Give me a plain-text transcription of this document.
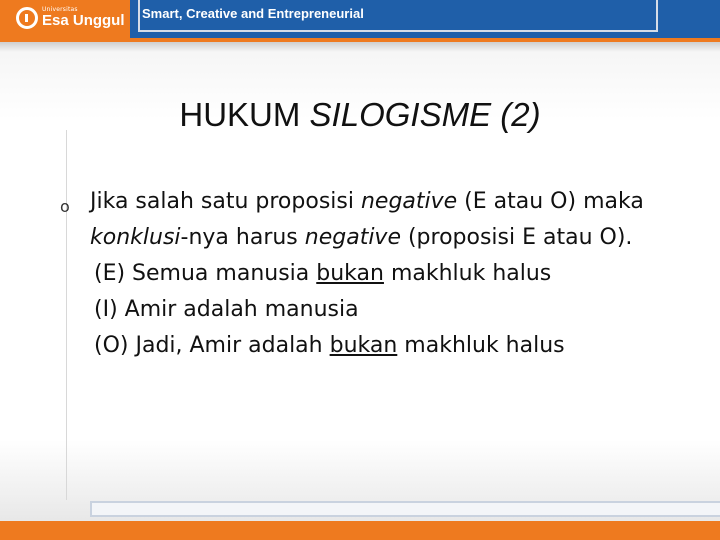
Universitas
Esa Unggul Smart, Creative and Entrepreneurial
HUKUM SILOGISME (2)
o Jika salah satu proposisi negative (E atau O) maka konklusi-nya harus negative (proposisi E atau O).

(E) Semua manusia bukan makhluk halus

(I) Amir adalah manusia

(O) Jadi, Amir adalah bukan makhluk halus
